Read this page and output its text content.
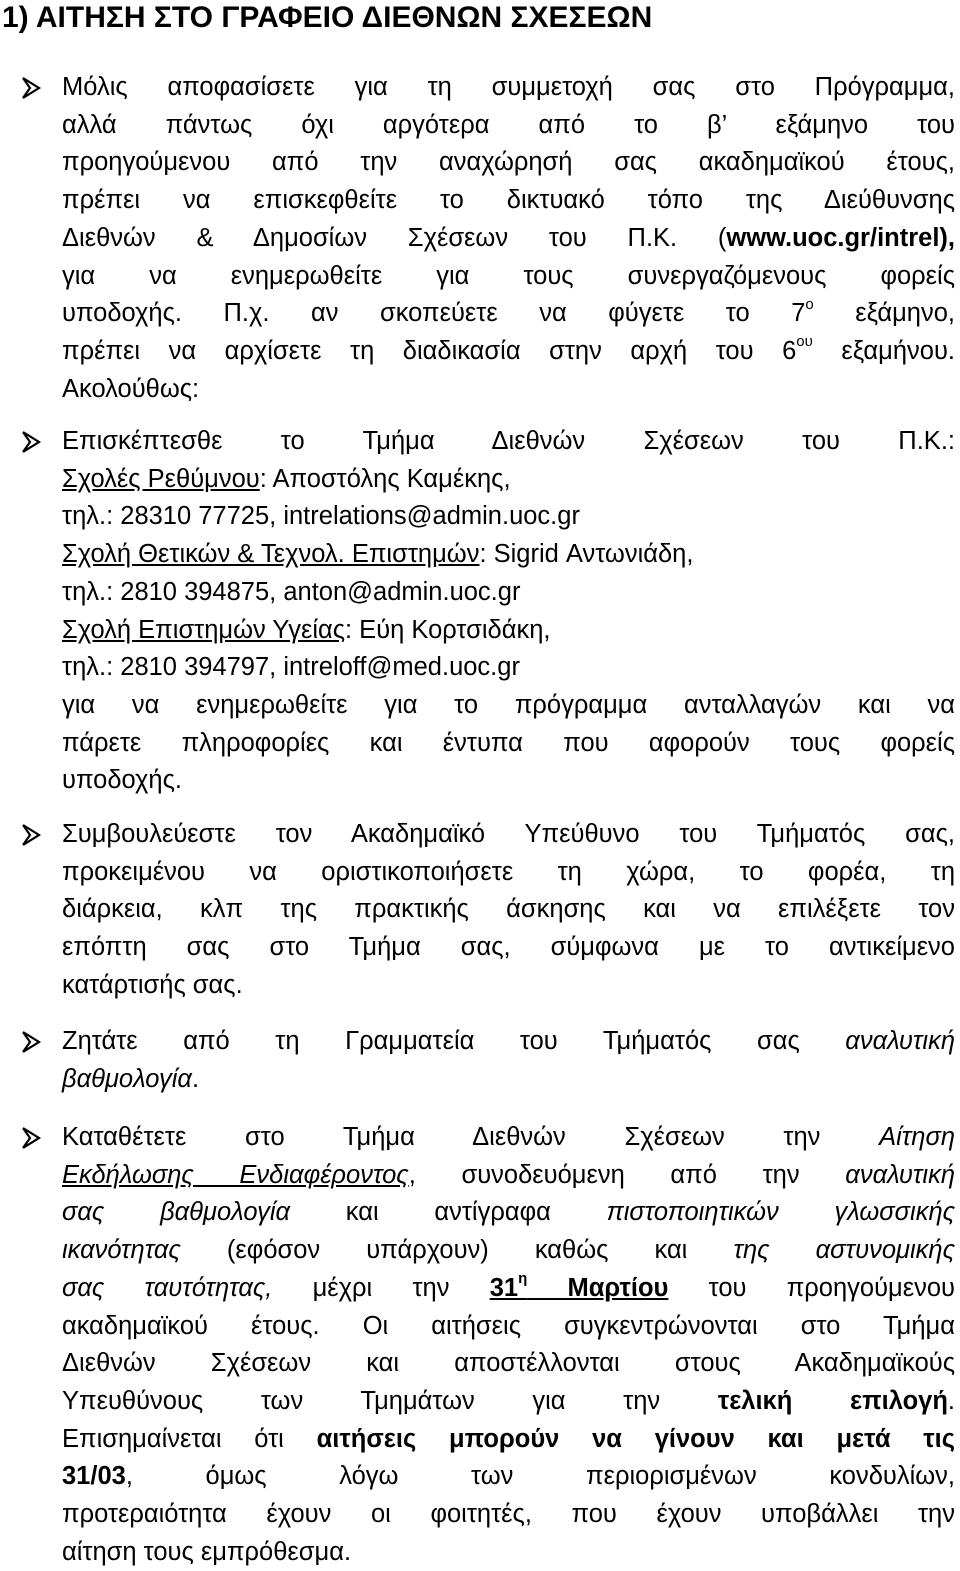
1) ΑΙΤΗΣΗ ΣΤΟ ΓΡΑΦΕΙΟ ΔΙΕΘΝΩΝ ΣΧΕΣΕΩΝ
Μόλις αποφασίσετε για τη συμμετοχή σας στο Πρόγραμμα,
αλλά πάντως όχι αργότερα από το β’ εξάμηνο του
προηγούμενου από την αναχώρησή σας ακαδημαϊκού έτους,
πρέπει να επισκεφθείτε το δικτυακό τόπο της Διεύθυνσης
Διεθνών & Δημοσίων Σχέσεων του Π.Κ. (www.uoc.gr/intrel),
για να ενημερωθείτε για τους συνεργαζόμενους φορείς
υποδοχής. Π.χ. αν σκοπεύετε να φύγετε το $7^o$ εξάμηνο,
πρέπει να αρχίσετε τη διαδικασία στην αρχή του $6^{o\upsilon}$ εξαμήνου.
Ακολούθως:
Επισκέπτεσθε το Τμήμα Διεθνών Σχέσεων του Π.Κ.:
Σχολές Ρεθύμνου: Αποστόλης Καμέκης,
τηλ.: 28310 77725, intrelations@admin.uoc.gr
Σχολή Θετικών & Τεχνολ. Επιστημών: Sigrid Αντωνιάδη,
τηλ.: 2810 394875, anton@admin.uoc.gr
Σχολή Επιστημών Υγείας: Εύη Κορτσιδάκη,
τηλ.: 2810 394797, intreloff@med.uoc.gr
για να ενημερωθείτε για το πρόγραμμα ανταλλαγών και να
πάρετε πληροφορίες και έντυπα που αφορούν τους φορείς
υποδοχής.
Συμβουλεύεστε τον Ακαδημαϊκό Υπεύθυνο του Τμήματός σας,
προκειμένου να οριστικοποιήσετε τη χώρα, το φορέα, τη
διάρκεια, κλπ της πρακτικής άσκησης και να επιλέξετε τον
επόπτη σας στο Τμήμα σας, σύμφωνα με το αντικείμενο
κατάρτισής σας.
Ζητάτε από τη Γραμματεία του Τμήματός σας αναλυτική
βαθμολογία.
Καταθέτετε στο Τμήμα Διεθνών Σχέσεων την Αίτηση
Εκδήλωσης Ενδιαφέροντος, συνοδευόμενη από την αναλυτική
σας βαθμολογία και αντίγραφα πιστοποιητικών γλωσσικής
ικανότητας (εφόσον υπάρχουν) καθώς και της αστυνομικής
σας ταυτότητας, μέχρι την $31^\eta$ Μαρτίου του προηγούμενου
ακαδημαϊκού έτους. Οι αιτήσεις συγκεντρώνονται στο Τμήμα
Διεθνών Σχέσεων και αποστέλλονται στους Ακαδημαϊκούς
Υπευθύνους των Τμημάτων για την τελική επιλογή.
Επισημαίνεται ότι αιτήσεις μπορούν να γίνουν και μετά τις
31/03, όμως λόγω των περιορισμένων κονδυλίων,
προτεραιότητα έχουν οι φοιτητές, που έχουν υποβάλλει την
αίτηση τους εμπρόθεσμα.
